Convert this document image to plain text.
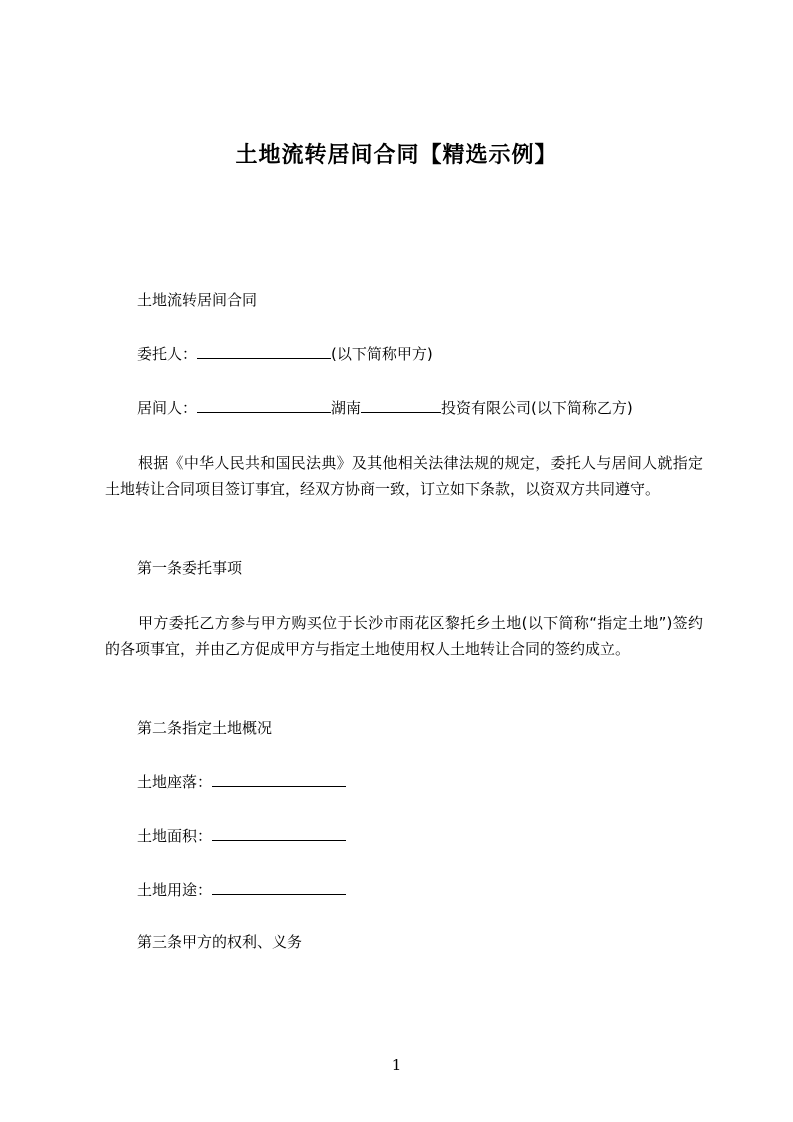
土地流转居间合同【精选示例】
土地流转居间合同
委托人：	(以下简称甲方)
居间人：	湖南	投资有限公司(以下简称乙方)
根据《中华人民共和国民法典》及其他相关法律法规的规定，委托人与居间人就指定土地转让合同项目签订事宜，经双方协商一致，订立如下条款，以资双方共同遵守。
第一条委托事项
甲方委托乙方参与甲方购买位于长沙市雨花区黎托乡土地(以下简称“指定土地”)签约的各项事宜，并由乙方促成甲方与指定土地使用权人土地转让合同的签约成立。
第二条指定土地概况
土地座落：
土地面积：
土地用途：
第三条甲方的权利、义务
1
